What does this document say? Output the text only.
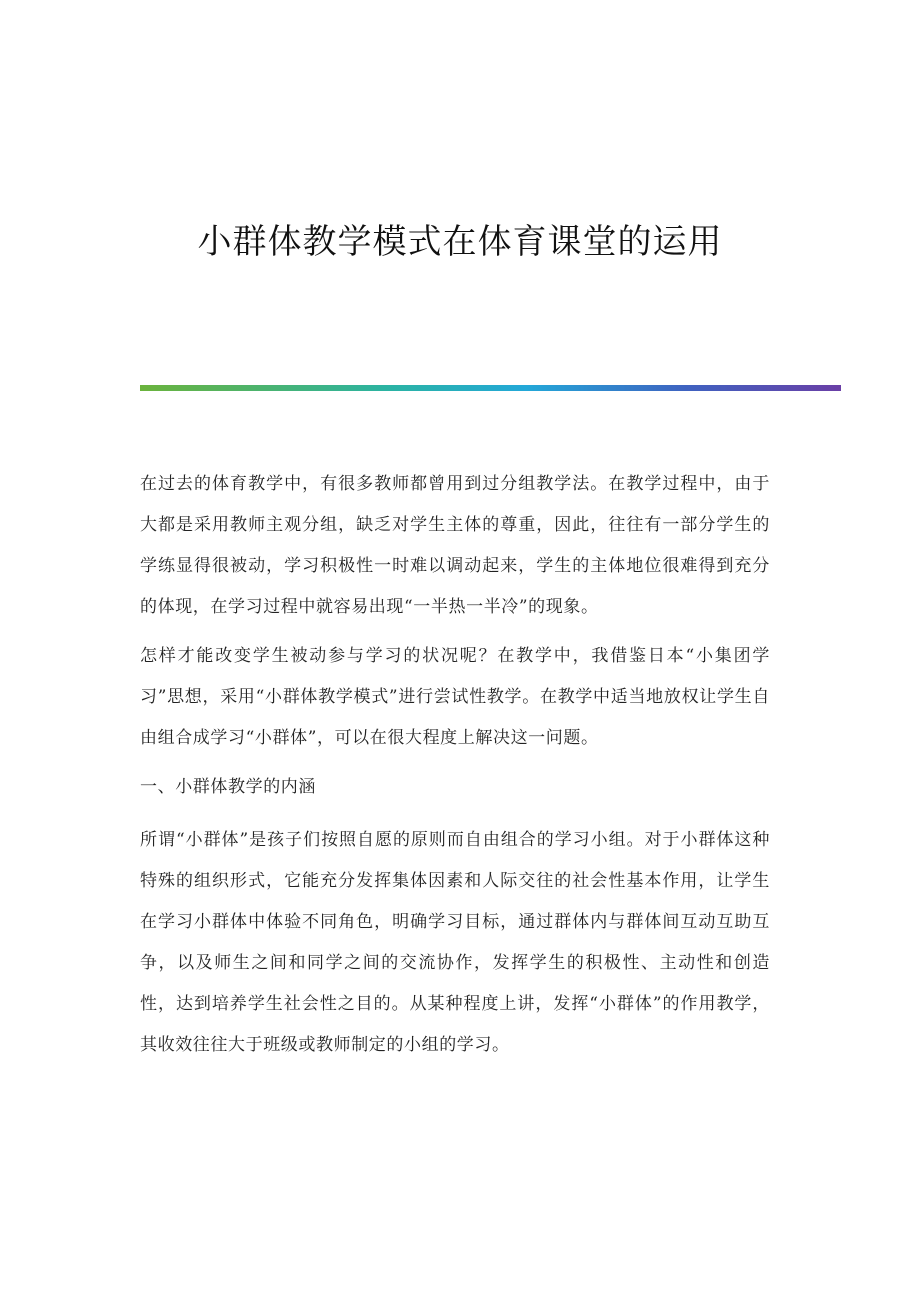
小群体教学模式在体育课堂的运用

在过去的体育教学中，有很多教师都曾用到过分组教学法。在教学过程中，由于大都是采用教师主观分组，缺乏对学生主体的尊重，因此，往往有一部分学生的学练显得很被动，学习积极性一时难以调动起来，学生的主体地位很难得到充分的体现，在学习过程中就容易出现“一半热一半冷”的现象。

怎样才能改变学生被动参与学习的状况呢？在教学中，我借鉴日本“小集团学习”思想，采用“小群体教学模式”进行尝试性教学。在教学中适当地放权让学生自由组合成学习“小群体”，可以在很大程度上解决这一问题。

一、小群体教学的内涵

所谓“小群体”是孩子们按照自愿的原则而自由组合的学习小组。对于小群体这种特殊的组织形式，它能充分发挥集体因素和人际交往的社会性基本作用，让学生在学习小群体中体验不同角色，明确学习目标，通过群体内与群体间互动互助互争，以及师生之间和同学之间的交流协作，发挥学生的积极性、主动性和创造性，达到培养学生社会性之目的。从某种程度上讲，发挥“小群体”的作用教学，其收效往往大于班级或教师制定的小组的学习。
